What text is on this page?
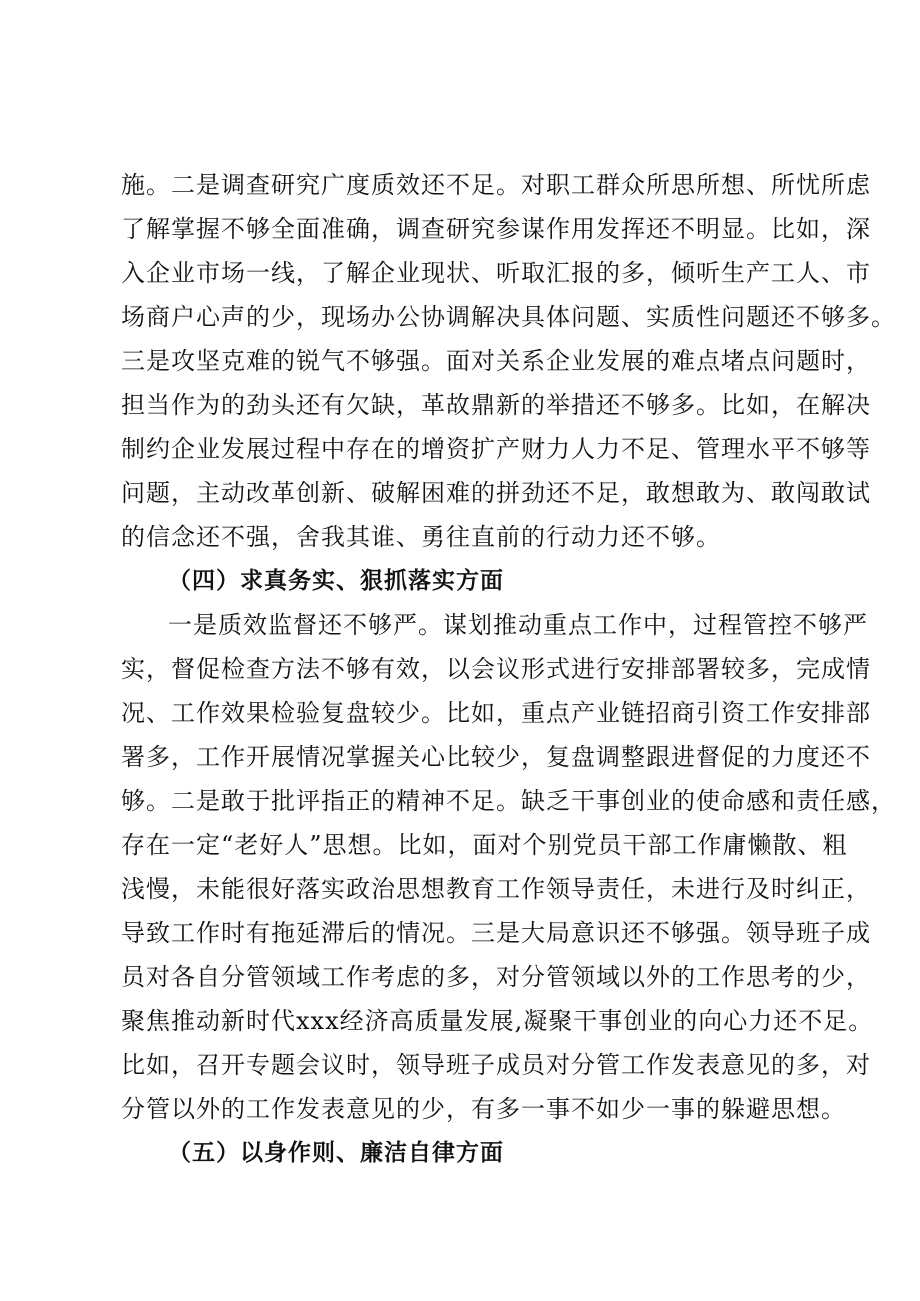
施。二是调查研究广度质效还不足。对职工群众所思所想、所忧所虑
了解掌握不够全面准确，调查研究参谋作用发挥还不明显。比如，深
入企业市场一线，了解企业现状、听取汇报的多，倾听生产工人、市
场商户心声的少，现场办公协调解决具体问题、实质性问题还不够多。
三是攻坚克难的锐气不够强。面对关系企业发展的难点堵点问题时，
担当作为的劲头还有欠缺，革故鼎新的举措还不够多。比如，在解决
制约企业发展过程中存在的增资扩产财力人力不足、管理水平不够等
问题，主动改革创新、破解困难的拼劲还不足，敢想敢为、敢闯敢试
的信念还不强，舍我其谁、勇往直前的行动力还不够。
（四）求真务实、狠抓落实方面
一是质效监督还不够严。谋划推动重点工作中，过程管控不够严
实，督促检查方法不够有效，以会议形式进行安排部署较多，完成情
况、工作效果检验复盘较少。比如，重点产业链招商引资工作安排部
署多，工作开展情况掌握关心比较少，复盘调整跟进督促的力度还不
够。二是敢于批评指正的精神不足。缺乏干事创业的使命感和责任感，
存在一定“老好人”思想。比如，面对个别党员干部工作庸懒散、粗
浅慢，未能很好落实政治思想教育工作领导责任，未进行及时纠正，
导致工作时有拖延滞后的情况。三是大局意识还不够强。领导班子成
员对各自分管领域工作考虑的多，对分管领域以外的工作思考的少，
聚焦推动新时代xxx经济高质量发展,凝聚干事创业的向心力还不足。
比如，召开专题会议时，领导班子成员对分管工作发表意见的多，对
分管以外的工作发表意见的少，有多一事不如少一事的躲避思想。
（五）以身作则、廉洁自律方面
